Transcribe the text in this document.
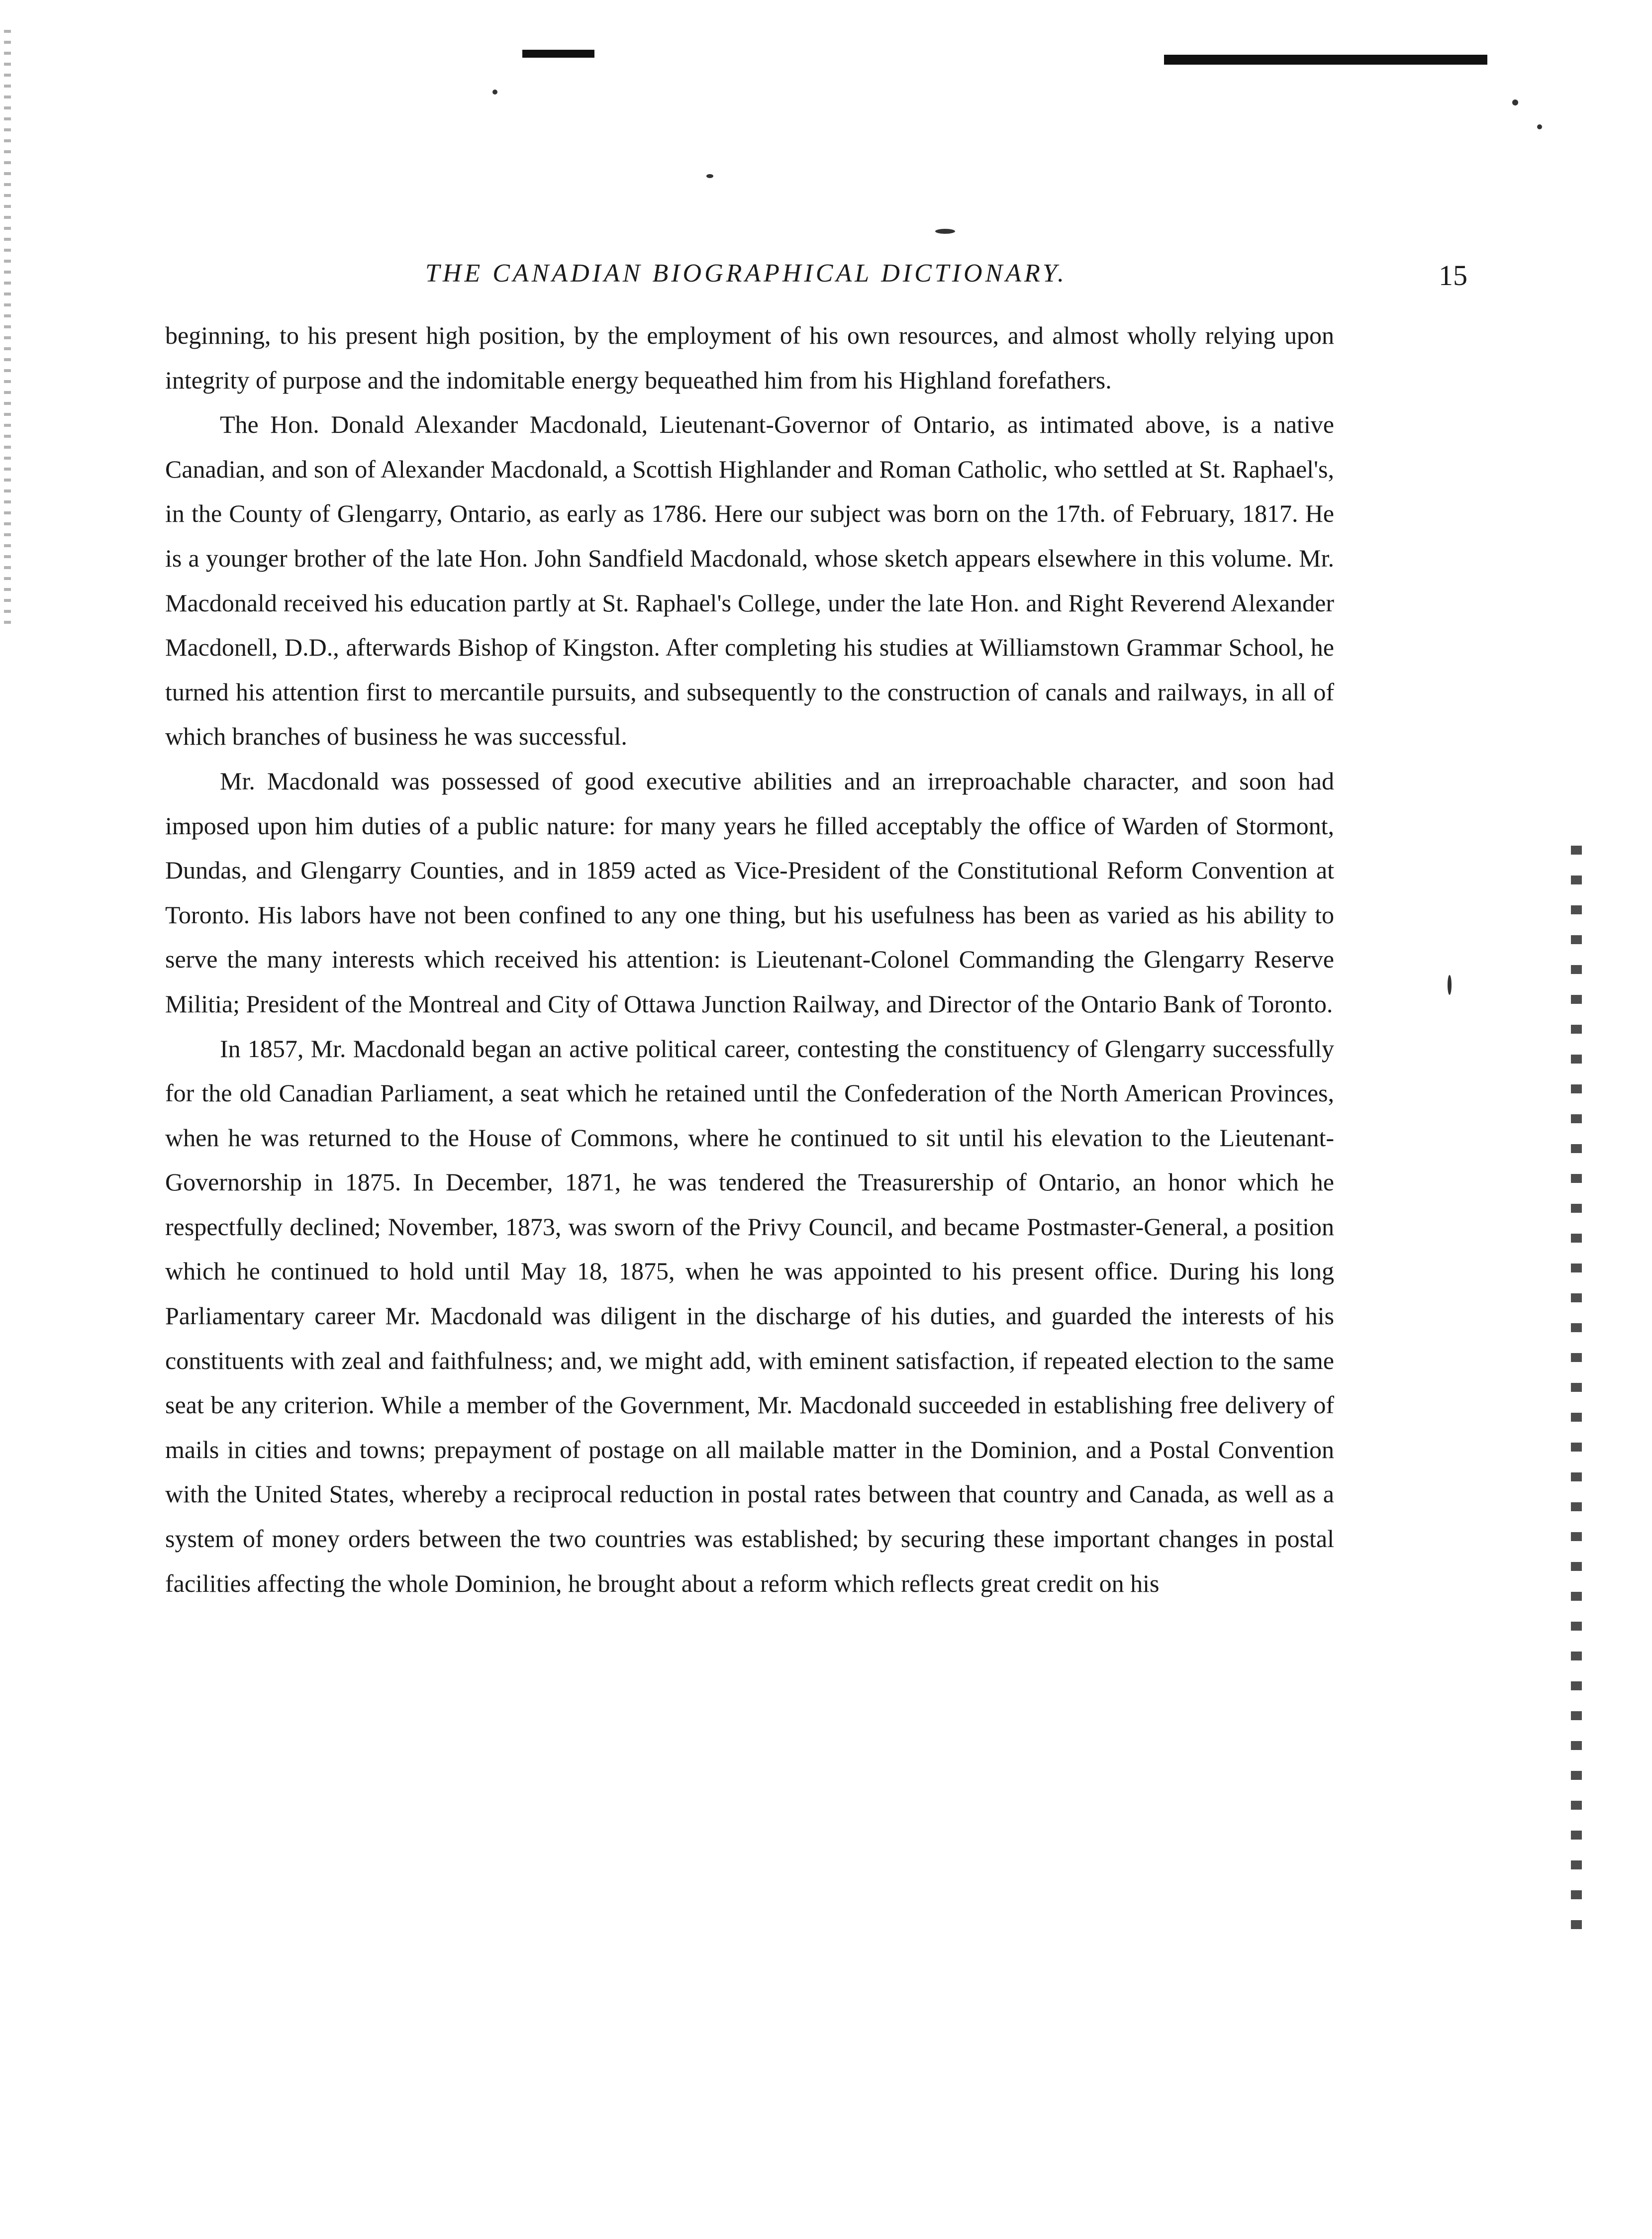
THE CANADIAN BIOGRAPHICAL DICTIONARY.	15

beginning, to his present high position, by the employment of his own resources, and almost wholly relying upon integrity of purpose and the indomitable energy bequeathed him from his Highland forefathers.

The Hon. Donald Alexander Macdonald, Lieutenant-Governor of Ontario, as intimated above, is a native Canadian, and son of Alexander Macdonald, a Scottish Highlander and Roman Catholic, who settled at St. Raphael's, in the County of Glengarry, Ontario, as early as 1786. Here our subject was born on the 17th. of February, 1817. He is a younger brother of the late Hon. John Sandfield Macdonald, whose sketch appears elsewhere in this volume. Mr. Macdonald received his education partly at St. Raphael's College, under the late Hon. and Right Reverend Alexander Macdonell, D.D., afterwards Bishop of Kingston. After completing his studies at Williamstown Grammar School, he turned his attention first to mercantile pursuits, and subsequently to the construction of canals and railways, in all of which branches of business he was successful.

Mr. Macdonald was possessed of good executive abilities and an irreproachable character, and soon had imposed upon him duties of a public nature: for many years he filled acceptably the office of Warden of Stormont, Dundas, and Glengarry Counties, and in 1859 acted as Vice-President of the Constitutional Reform Convention at Toronto. His labors have not been confined to any one thing, but his usefulness has been as varied as his ability to serve the many interests which received his attention: is Lieutenant-Colonel Commanding the Glengarry Reserve Militia; President of the Montreal and City of Ottawa Junction Railway, and Director of the Ontario Bank of Toronto.

In 1857, Mr. Macdonald began an active political career, contesting the constituency of Glengarry successfully for the old Canadian Parliament, a seat which he retained until the Confederation of the North American Provinces, when he was returned to the House of Commons, where he continued to sit until his elevation to the Lieutenant-Governorship in 1875. In December, 1871, he was tendered the Treasurership of Ontario, an honor which he respectfully declined; November, 1873, was sworn of the Privy Council, and became Postmaster-General, a position which he continued to hold until May 18, 1875, when he was appointed to his present office. During his long Parliamentary career Mr. Macdonald was diligent in the discharge of his duties, and guarded the interests of his constituents with zeal and faithfulness; and, we might add, with eminent satisfaction, if repeated election to the same seat be any criterion. While a member of the Government, Mr. Macdonald succeeded in establishing free delivery of mails in cities and towns; prepayment of postage on all mailable matter in the Dominion, and a Postal Convention with the United States, whereby a reciprocal reduction in postal rates between that country and Canada, as well as a system of money orders between the two countries was established; by securing these important changes in postal facilities affecting the whole Dominion, he brought about a reform which reflects great credit on his
